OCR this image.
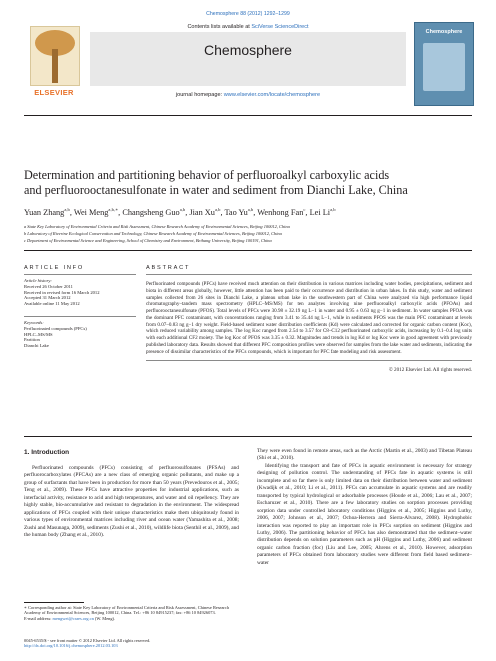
Chemosphere 88 (2012) 1292–1299
ELSEVIER
Contents lists available at SciVerse ScienceDirect
Chemosphere
journal homepage: www.elsevier.com/locate/chemosphere
Chemosphere
Determination and partitioning behavior of perfluoroalkyl carboxylic acids
and perfluorooctanesulfonate in water and sediment from Dianchi Lake, China
Yuan Zhang$^{a,b}$, Wei Meng$^{a,b,∗}$, Changsheng Guo$^{a,b}$, Jian Xu$^{a,b}$, Tao Yu$^{a,b}$, Wenhong Fan$^c$, Lei Li$^{a,b}$
a State Key Laboratory of Environmental Criteria and Risk Assessment, Chinese Research Academy of Environmental Sciences, Beijing 100012, China
b Laboratory of Riverine Ecological Conservation and Technology, Chinese Research Academy of Environmental Sciences, Beijing 100012, China
c Department of Environmental Science and Engineering, School of Chemistry and Environment, Beihang University, Beijing 100191, China
ARTICLE INFO
Article history:
Received 26 October 2011
Received in revised form 16 March 2012
Accepted 31 March 2012
Available online 11 May 2012
Keywords:
Perfluorinated compounds (PFCs)
HPLC–MS/MS
Partition
Dianchi Lake
ABSTRACT

Perfluorinated compounds (PFCs) have received much attention on their distribution in various matrices including water bodies, precipitations, sediment and biota in different areas globally, however, little attention has been paid to their occurrence and distribution in urban lakes. In this study, water and sediment samples collected from 26 sites in Dianchi Lake, a plateau urban lake in the southwestern part of China were analyzed via high performance liquid chromatography–tandem mass spectrometry (HPLC–MS/MS) for ten analytes involving nine perfluoroalkyl carboxylic acids (PFOAs) and perfluorooctanesulfonate (PFOS). Total levels of PFCs were 30.98 ± 32.19 ng L−1 in water and 0.95 ± 0.63 ng g−1 in sediment. In water samples PFOA was the dominant PFC contaminant, with concentrations ranging from 3.41 to 35.44 ng L−1, while in sediments PFOS was the main PFC contaminant at levels from 0.07–0.83 ng g−1 dry weight. Field-based sediment water distribution coefficients (Kd) were calculated and corrected for organic carbon content (Koc), which reduced variability among samples. The log Koc ranged from 2.54 to 3.57 for C8–C12 perfluorinated carboxylic acids, increasing by 0.1–0.4 log units with each additional CF2 moiety. The log Koc of PFOS was 3.35 ± 0.32. Magnitudes and trends in log Kd or log Koc were in good agreement with previously published laboratory data. Results showed that different PFC composition profiles were observed for samples from the lake water and sediments, indicating the presence of dissimilar characteristics of the PFCs compounds, which is important for PFC fate modeling and risk assessment.

© 2012 Elsevier Ltd. All rights reserved.
1. Introduction

Perfluorinated compounds (PFCs) consisting of perfluorosulfonates (PFSAs) and perfluorocarboxylates (PFCAs) are a new class of emerging organic pollutants, and make up a group of surfactants that have been in production for more than 50 years (Prevedouros et al., 2005; Teng et al., 2009). These PFCs have attractive properties for industrial applications, such as interfacial activity, resistance to acid and high temperatures, and water and oil repellency. They are highly stable, bio-accumulative and resistant to degradation in the environment. The widespread applications of PFCs coupled with their unique characteristics make them ubiquitously found in various types of environmental matrices including river and ocean water (Yamashita et al., 2008; Zushi and Masunaga, 2009), sediments (Zushi et al., 2010), wildlife biota (Senthil et al., 2009), and the human body (Zhang et al., 2010).

They were even found in remote areas, such as the Arctic (Martin et al., 2003) and Tibetan Plateau (Shi et al., 2010).

Identifying the transport and fate of PFCs in aquatic environment is necessary for strategy designing of pollution control. The understanding of PFCs fate in aquatic systems is still incomplete and so far there is only limited data on their distribution between water and sediment (Kwadijk et al., 2010; Li et al., 2011). PFCs can accumulate in aquatic systems and are readily transported by typical hydrological or adsorbable processes (Houde et al., 2006; Lau et al., 2007; Escharuzer et al., 2010). There are a few laboratory studies on sorption processes providing sorption data under controlled laboratory conditions (Higgins et al., 2005; Higgins and Luthy, 2006, 2007; Johnson et al., 2007; Ochoa-Herrera and Sierra-Alvarez, 2008). Hydrophobic interaction was reported to play an important role in PFCs sorption on sediment (Higgins and Luthy, 2006). The partitioning behavior of PFCs has also demonstrated that the sediment–water distribution depends on solution parameters such as pH (Higgins and Luthy, 2006) and sediment organic carbon fraction (foc) (Liu and Lee, 2005; Ahrens et al., 2010). However, adsorption parameters of PFCs obtained from laboratory studies were different from field based sediment–water

∗ Corresponding author at: State Key Laboratory of Environmental Criteria and Risk Assessment, Chinese Research Academy of Environmental Sciences, Beijing 100012, China. Tel.: +86 10 84915237; fax: +86 10 84926073.
E-mail address: mengwei@craes.org.cn (W. Meng).
0045-6535/$ - see front matter © 2012 Elsevier Ltd. All rights reserved.
http://dx.doi.org/10.1016/j.chemosphere.2012.03.103
